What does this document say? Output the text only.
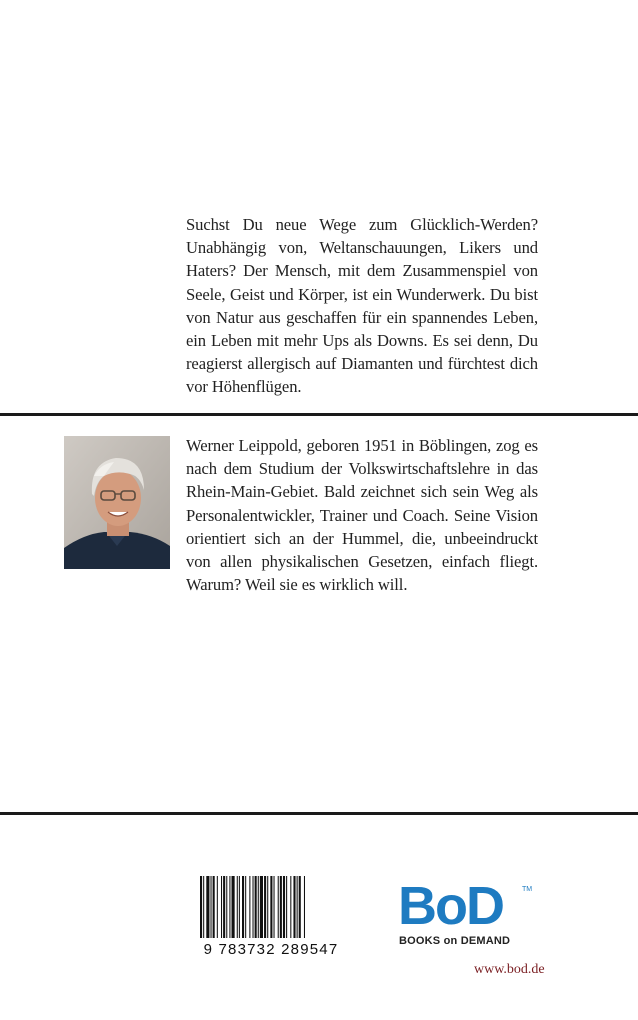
Suchst Du neue Wege zum Glücklich-Werden? Unabhängig von, Weltanschauungen, Likers und Haters? Der Mensch, mit dem Zusammenspiel von Seele, Geist und Körper, ist ein Wunderwerk. Du bist von Natur aus geschaffen für ein spannendes Leben, ein Leben mit mehr Ups als Downs. Es sei denn, Du reagierst allergisch auf Diamanten und fürchtest dich vor Höhenflügen.
Werner Leippold, geboren 1951 in Böblingen, zog es nach dem Studium der Volkswirtschaftslehre in das Rhein-Main-Gebiet. Bald zeichnet sich sein Weg als Personalentwickler, Trainer und Coach. Seine Vision orientiert sich an der Hummel, die, unbeeindruckt von allen physikalischen Gesetzen, einfach fliegt. Warum? Weil sie es wirklich will.
9 783732 289547
BoD	TM
BOOKS on DEMAND
www.bod.de
